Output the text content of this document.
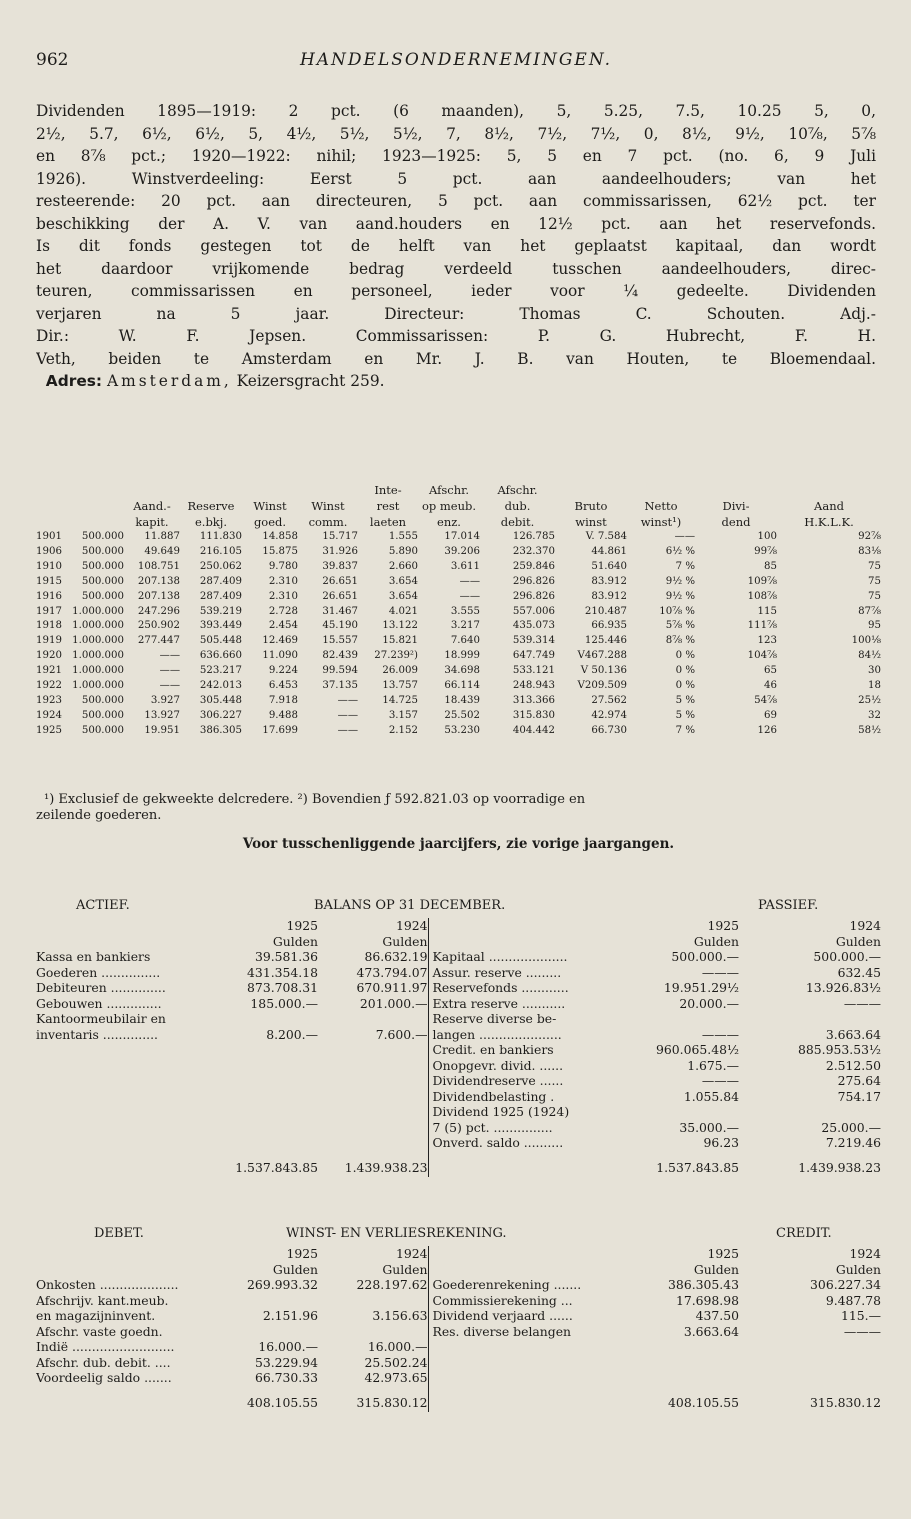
962	HANDELSONDERNEMINGEN.
Dividenden 1895—1919: 2 pct. (6 maanden), 5, 5.25, 7.5, 10.25 5, 0,
2½, 5.7, 6½, 6½, 5, 4½, 5½, 5½, 7, 8½, 7½, 7½, 0, 8½, 9½, 10⅞, 5⅞
en 8⅞ pct.; 1920—1922: nihil; 1923—1925: 5, 5 en 7 pct. (no. 6, 9 Juli
1926). Winstverdeeling: Eerst 5 pct. aan aandeelhouders; van het
resteerende: 20 pct. aan directeuren, 5 pct. aan commissarissen, 62½ pct. ter
beschikking der A. V. van aand.houders en 12½ pct. aan het reservefonds.
Is dit fonds gestegen tot de helft van het geplaatst kapitaal, dan wordt
het daardoor vrijkomende bedrag verdeeld tusschen aandeelhouders, direc-
teuren, commissarissen en personeel, ieder voor ¼ gedeelte. Dividenden
verjaren na 5 jaar. Directeur: Thomas C. Schouten. Adj.-
Dir.: W. F. Jepsen. Commissarissen: P. G. Hubrecht, F. H.
Veth, beiden te Amsterdam en Mr. J. B. van Houten, te Bloemendaal.
Adres: Amsterdam, Keizersgracht 259.
						Inte-	Afschr.	Afschr.				
		Aand.-	Reserve	Winst	Winst	rest	op meub.	dub.	Bruto	Netto	Divi-	Aand
		kapit.	e.bkj.	goed.	comm.	laeten	enz.	debit.	winst	winst¹)	dend	H.K.L.K.
1901	500.000	11.887	111.830	14.858	15.717	1.555	17.014	126.785	V. 7.584	——	100	92⅞
1906	500.000	49.649	216.105	15.875	31.926	5.890	39.206	232.370	44.861	6½ %	99⅞	83⅛
1910	500.000	108.751	250.062	9.780	39.837	2.660	3.611	259.846	51.640	7 %	85	75
1915	500.000	207.138	287.409	2.310	26.651	3.654	——	296.826	83.912	9½ %	109⅞	75
1916	500.000	207.138	287.409	2.310	26.651	3.654	——	296.826	83.912	9½ %	108⅞	75
1917	1.000.000	247.296	539.219	2.728	31.467	4.021	3.555	557.006	210.487	10⅞ %	115	87⅞
1918	1.000.000	250.902	393.449	2.454	45.190	13.122	3.217	435.073	66.935	5⅞ %	111⅞	95
1919	1.000.000	277.447	505.448	12.469	15.557	15.821	7.640	539.314	125.446	8⅞ %	123	100⅛
1920	1.000.000	——	636.660	11.090	82.439	27.239²)	18.999	647.749	V467.288	0 %	104⅞	84½
1921	1.000.000	——	523.217	9.224	99.594	26.009	34.698	533.121	V 50.136	0 %	65	30
1922	1.000.000	——	242.013	6.453	37.135	13.757	66.114	248.943	V209.509	0 %	46	18
1923	500.000	3.927	305.448	7.918	——	14.725	18.439	313.366	27.562	5 %	54⅞	25½
1924	500.000	13.927	306.227	9.488	——	3.157	25.502	315.830	42.974	5 %	69	32
1925	500.000	19.951	386.305	17.699	——	2.152	53.230	404.442	66.730	7 %	126	58½
¹) Exclusief de gekweekte delcredere. ²) Bovendien ƒ 592.821.03 op voorradige en
zeilende goederen.
Voor tusschenliggende jaarcijfers, zie vorige jaargangen.
ACTIEF.	BALANS OP 31 DECEMBER.	PASSIEF.
	1925	1924		1925	1924
	Gulden	Gulden		Gulden	Gulden
Kassa en bankiers	39.581.36	86.632.19	Kapitaal ....................	500.000.—	500.000.—
Goederen ...............	431.354.18	473.794.07	Assur. reserve .........	———	632.45
Debiteuren ..............	873.708.31	670.911.97	Reservefonds ............	19.951.29½	13.926.83½
Gebouwen ..............	185.000.—	201.000.—	Extra reserve ...........	20.000.—	———
Kantoormeubilair en			Reserve diverse be-		
inventaris ..............	8.200.—	7.600.—	langen .....................	———	3.663.64
			Credit. en bankiers	960.065.48½	885.953.53½
			Onopgevr. divid. ......	1.675.—	2.512.50
			Dividendreserve ......	———	275.64
			Dividendbelasting .	1.055.84	754.17
			Dividend 1925 (1924)		
			7 (5) pct. ...............	35.000.—	25.000.—
			Onverd. saldo ..........	96.23	7.219.46
	1.537.843.85	1.439.938.23		1.537.843.85	1.439.938.23
DEBET.	WINST- EN VERLIESREKENING.	CREDIT.
	1925	1924		1925	1924
	Gulden	Gulden		Gulden	Gulden
Onkosten ....................	269.993.32	228.197.62	Goederenrekening .......	386.305.43	306.227.34
Afschrijv. kant.meub.			Commissierekening ...	17.698.98	9.487.78
en magazijninvent.	2.151.96	3.156.63	Dividend verjaard ......	437.50	115.—
Afschr. vaste goedn.			Res. diverse belangen	3.663.64	———
Indië ..........................	16.000.—	16.000.—			
Afschr. dub. debit. ....	53.229.94	25.502.24			
Voordeelig saldo .......	66.730.33	42.973.65			
	408.105.55	315.830.12		408.105.55	315.830.12
